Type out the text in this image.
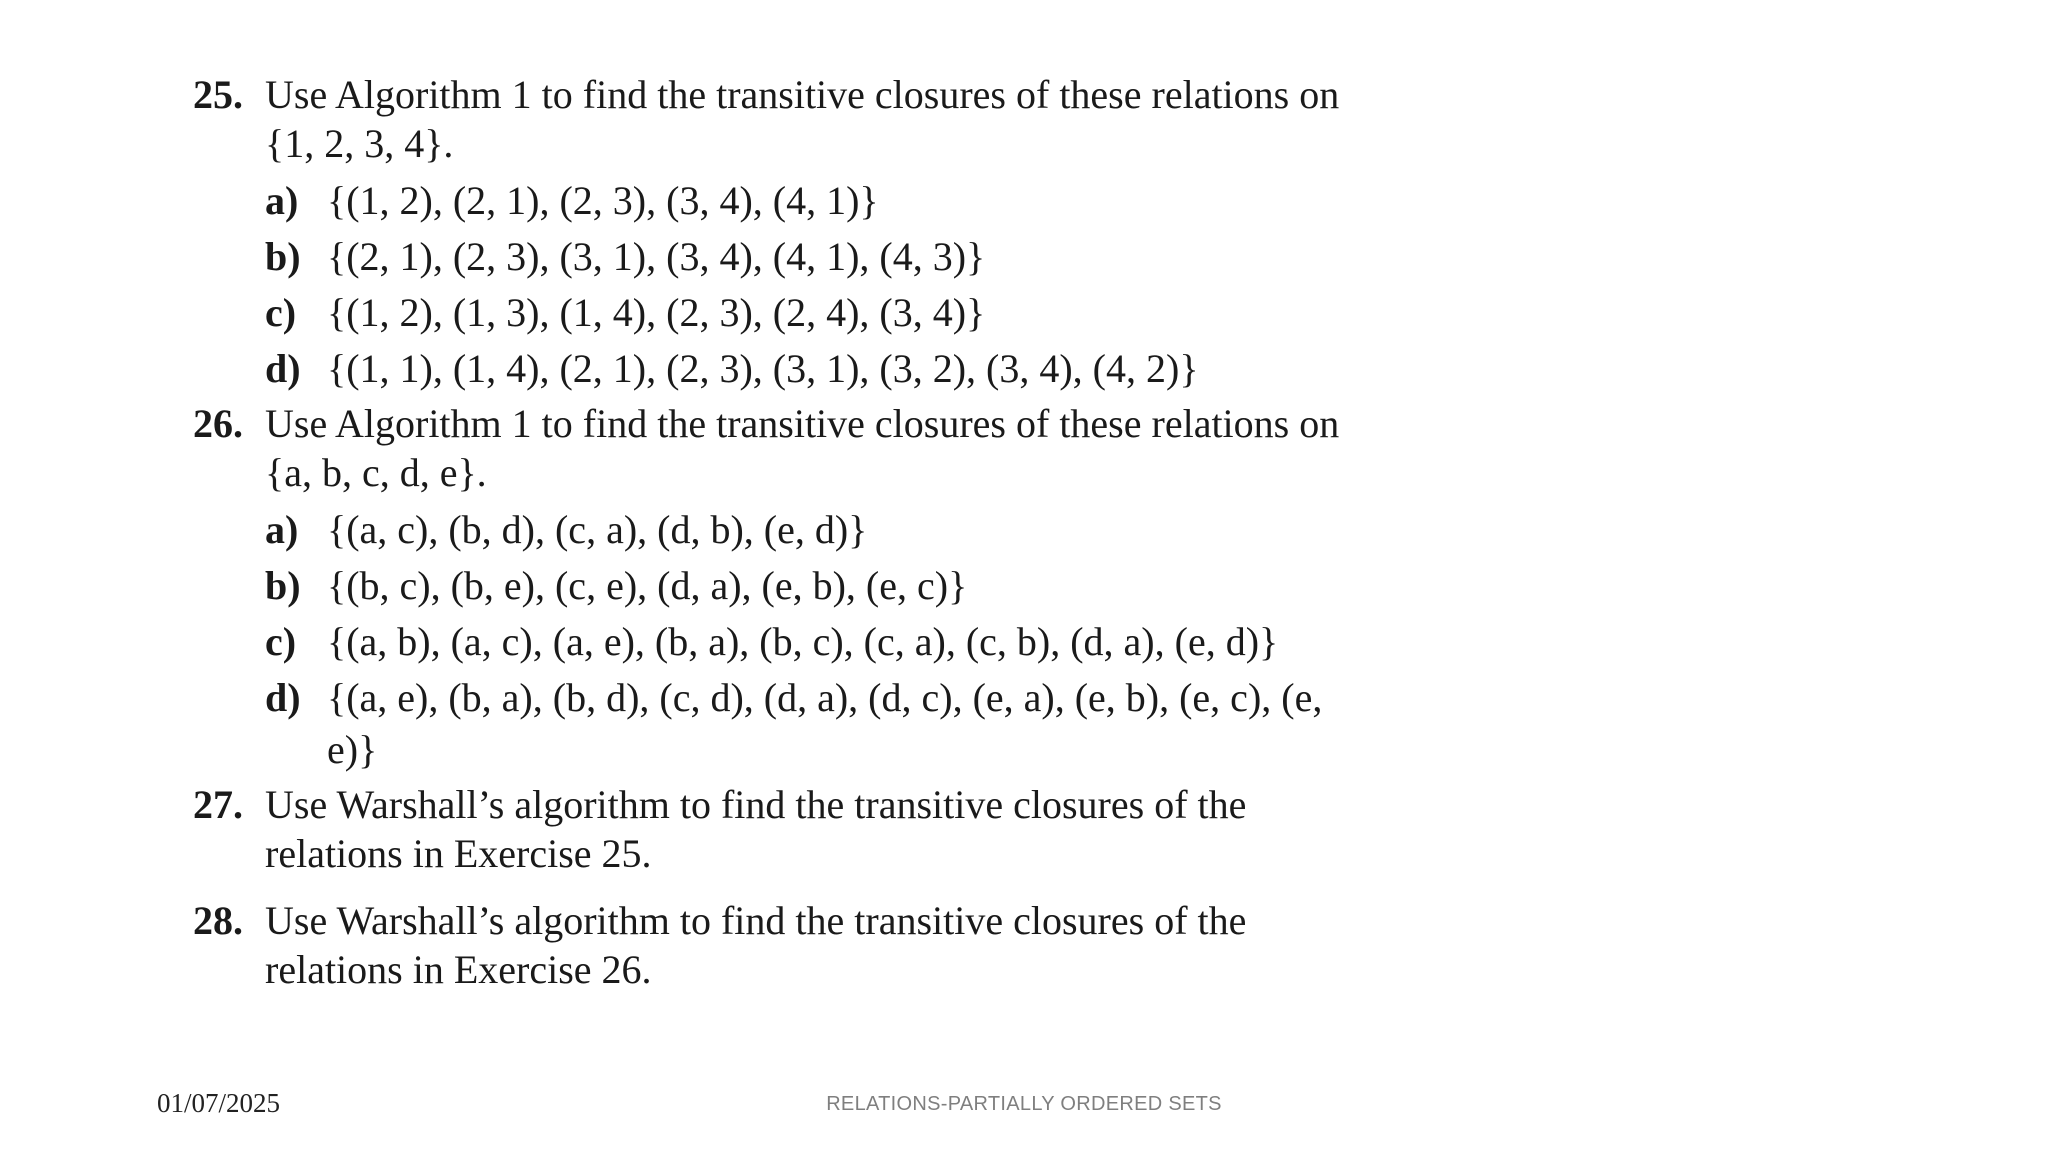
25. Use Algorithm 1 to find the transitive closures of these relations on {1, 2, 3, 4}.
a) {(1, 2), (2, 1), (2, 3), (3, 4), (4, 1)}
b) {(2, 1), (2, 3), (3, 1), (3, 4), (4, 1), (4, 3)}
c) {(1, 2), (1, 3), (1, 4), (2, 3), (2, 4), (3, 4)}
d) {(1, 1), (1, 4), (2, 1), (2, 3), (3, 1), (3, 2), (3, 4), (4, 2)}
26. Use Algorithm 1 to find the transitive closures of these relations on {a, b, c, d, e}.
a) {(a, c), (b, d), (c, a), (d, b), (e, d)}
b) {(b, c), (b, e), (c, e), (d, a), (e, b), (e, c)}
c) {(a, b), (a, c), (a, e), (b, a), (b, c), (c, a), (c, b), (d, a), (e, d)}
d) {(a, e), (b, a), (b, d), (c, d), (d, a), (d, c), (e, a), (e, b), (e, c), (e, e)}
27. Use Warshall’s algorithm to find the transitive closures of the relations in Exercise 25.
28. Use Warshall’s algorithm to find the transitive closures of the relations in Exercise 26.
01/07/2025	RELATIONS-PARTIALLY ORDERED SETS
